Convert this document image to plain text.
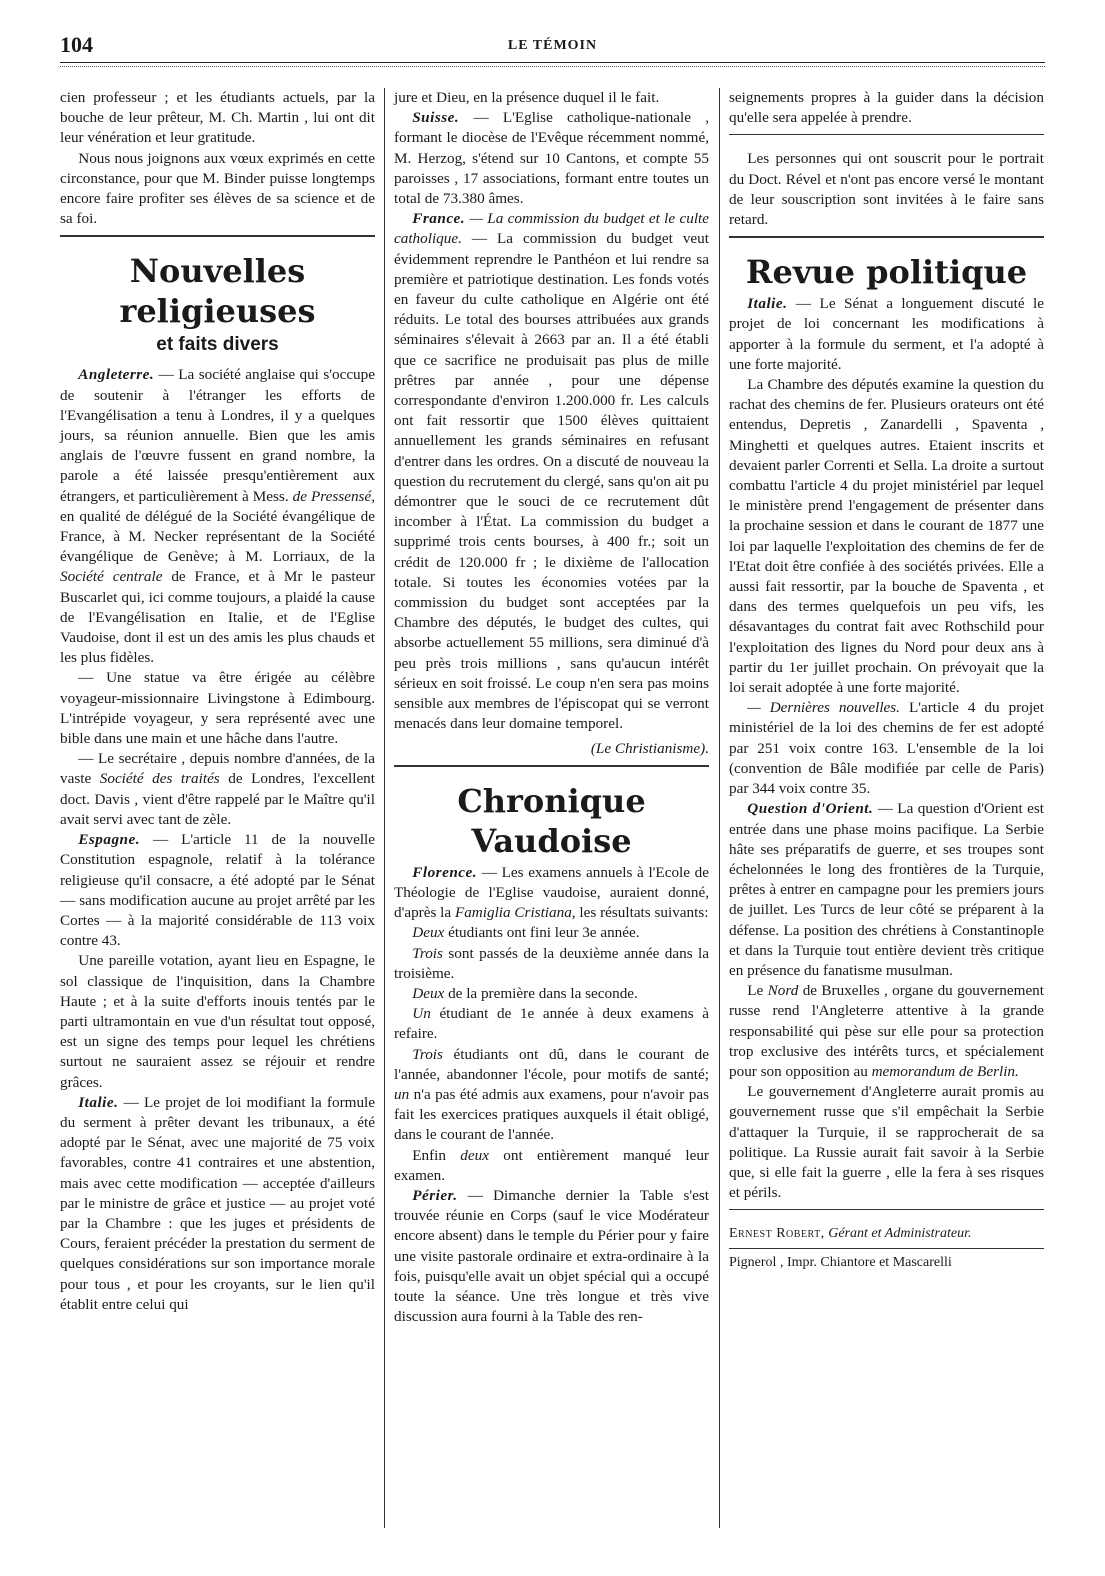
104	LE TÉMOIN

cien professeur ; et les étudiants actuels, par la bouche de leur prêteur, M. Ch. Martin , lui ont dit leur vénération et leur gratitude.

Nous nous joignons aux vœux exprimés en cette circonstance, pour que M. Binder puisse longtemps encore faire profiter ses élèves de sa science et de sa foi.

Nouvelles religieuses
et faits divers

Angleterre. — La société anglaise qui s'occupe de soutenir à l'étranger les efforts de l'Evangélisation a tenu à Londres, il y a quelques jours, sa réunion annuelle. Bien que les amis anglais de l'œuvre fussent en grand nombre, la parole a été laissée presqu'entièrement aux étrangers, et particulièrement à Mess. de Pressensé, en qualité de délégué de la Société évangélique de France, à M. Necker représentant de la Société évangélique de Genève; à M. Lorriaux, de la Société centrale de France, et à Mr le pasteur Buscarlet qui, ici comme toujours, a plaidé la cause de l'Evangélisation en Italie, et de l'Eglise Vaudoise, dont il est un des amis les plus chauds et les plus fidèles.

— Une statue va être érigée au célèbre voyageur-missionnaire Livingstone à Edimbourg. L'intrépide voyageur, y sera représenté avec une bible dans une main et une hâche dans l'autre.

— Le secrétaire , depuis nombre d'années, de la vaste Société des traités de Londres, l'excellent doct. Davis , vient d'être rappelé par le Maître qu'il avait servi avec tant de zèle.

Espagne. — L'article 11 de la nouvelle Constitution espagnole, relatif à la tolérance religieuse qu'il consacre, a été adopté par le Sénat — sans modification aucune au projet arrêté par les Cortes — à la majorité considérable de 113 voix contre 43.

Une pareille votation, ayant lieu en Espagne, le sol classique de l'inquisition, dans la Chambre Haute ; et à la suite d'efforts inouis tentés par le parti ultramontain en vue d'un résultat tout opposé, est un signe des temps pour lequel les chrétiens surtout ne sauraient assez se réjouir et rendre grâces.

Italie. — Le projet de loi modifiant la formule du serment à prêter devant les tribunaux, a été adopté par le Sénat, avec une majorité de 75 voix favorables, contre 41 contraires et une abstention, mais avec cette modification — acceptée d'ailleurs par le ministre de grâce et justice — au projet voté par la Chambre : que les juges et présidents de Cours, feraient précéder la prestation du serment de quelques considérations sur son importance morale pour tous , et pour les croyants, sur le lien qu'il établit entre celui qui

jure et Dieu, en la présence duquel il le fait.

Suisse. — L'Eglise catholique-nationale , formant le diocèse de l'Evêque récemment nommé, M. Herzog, s'étend sur 10 Cantons, et compte 55 paroisses , 17 associations, formant entre toutes un total de 73.380 âmes.

France. — La commission du budget et le culte catholique. — La commission du budget veut évidemment reprendre le Panthéon et lui rendre sa première et patriotique destination. Les fonds votés en faveur du culte catholique en Algérie ont été réduits. Le total des bourses attribuées aux grands séminaires s'élevait à 2663 par an. Il a été établi que ce sacrifice ne produisait pas plus de mille prêtres par année , pour une dépense correspondante d'environ 1.200.000 fr. Les calculs ont fait ressortir que 1500 élèves quittaient annuellement les grands séminaires en refusant d'entrer dans les ordres. On a discuté de nouveau la question du recrutement du clergé, sans qu'on ait pu démontrer que le souci de ce recrutement dût incomber à l'État. La commission du budget a supprimé trois cents bourses, à 400 fr.; soit un crédit de 120.000 fr ; le dixième de l'allocation totale. Si toutes les économies votées par la commission du budget sont acceptées par la Chambre des députés, le budget des cultes, qui absorbe actuellement 55 millions, sera diminué d'à peu près trois millions , sans qu'aucun intérêt sérieux en soit froissé. Le coup n'en sera pas moins sensible aux membres de l'épiscopat qui se verront menacés dans leur domaine temporel.

(Le Christianisme).
Chronique Vaudoise

Florence. — Les examens annuels à l'Ecole de Théologie de l'Eglise vaudoise, auraient donné, d'après la Famiglia Cristiana, les résultats suivants:

Deux étudiants ont fini leur 3e année.

Trois sont passés de la deuxième année dans la troisième.

Deux de la première dans la seconde.

Un étudiant de 1e année à deux examens à refaire.

Trois étudiants ont dû, dans le courant de l'année, abandonner l'école, pour motifs de santé; un n'a pas été admis aux examens, pour n'avoir pas fait les exercices pratiques auxquels il était obligé, dans le courant de l'année.

Enfin deux ont entièrement manqué leur examen.

Périer. — Dimanche dernier la Table s'est trouvée réunie en Corps (sauf le vice Modérateur encore absent) dans le temple du Périer pour y faire une visite pastorale ordinaire et extra-ordinaire à la fois, puisqu'elle avait un objet spécial qui a occupé toute la séance. Une très longue et très vive discussion aura fourni à la Table des ren-

seignements propres à la guider dans la décision qu'elle sera appelée à prendre.

Les personnes qui ont souscrit pour le portrait du Doct. Rével et n'ont pas encore versé le montant de leur souscription sont invitées à le faire sans retard.

Revue politique

Italie. — Le Sénat a longuement discuté le projet de loi concernant les modifications à apporter à la formule du serment, et l'a adopté à une forte majorité.

La Chambre des députés examine la question du rachat des chemins de fer. Plusieurs orateurs ont été entendus, Depretis , Zanardelli , Spaventa , Minghetti et quelques autres. Etaient inscrits et devaient parler Correnti et Sella. La droite a surtout combattu l'article 4 du projet ministériel par lequel le ministère prend l'engagement de présenter dans la prochaine session et dans le courant de 1877 une loi par laquelle l'exploitation des chemins de fer de l'Etat doit être confiée à des sociétés privées. Elle a aussi fait ressortir, par la bouche de Spaventa , et dans des termes quelquefois un peu vifs, les désavantages du contrat fait avec Rothschild pour l'exploitation des lignes du Nord pour deux ans à partir du 1er juillet prochain. On prévoyait que la loi serait adoptée à une forte majorité.

— Dernières nouvelles. L'article 4 du projet ministériel de la loi des chemins de fer est adopté par 251 voix contre 163. L'ensemble de la loi (convention de Bâle modifiée par celle de Paris) par 344 voix contre 35.

Question d'Orient. — La question d'Orient est entrée dans une phase moins pacifique. La Serbie hâte ses préparatifs de guerre, et ses troupes sont échelonnées le long des frontières de la Turquie, prêtes à entrer en campagne pour les premiers jours de juillet. Les Turcs de leur côté se préparent à la défense. La position des chrétiens à Constantinople et dans la Turquie tout entière devient très critique en présence du fanatisme musulman.

Le Nord de Bruxelles , organe du gouvernement russe rend l'Angleterre attentive à la grande responsabilité qui pèse sur elle pour sa protection trop exclusive des intérêts turcs, et spécialement pour son opposition au memorandum de Berlin.

Le gouvernement d'Angleterre aurait promis au gouvernement russe que s'il empêchait la Serbie d'attaquer la Turquie, il se rapprocherait de sa politique. La Russie aurait fait savoir à la Serbie que, si elle fait la guerre , elle la fera à ses risques et périls.

Ernest Robert, Gérant et Administrateur.
Pignerol , Impr. Chiantore et Mascarelli
